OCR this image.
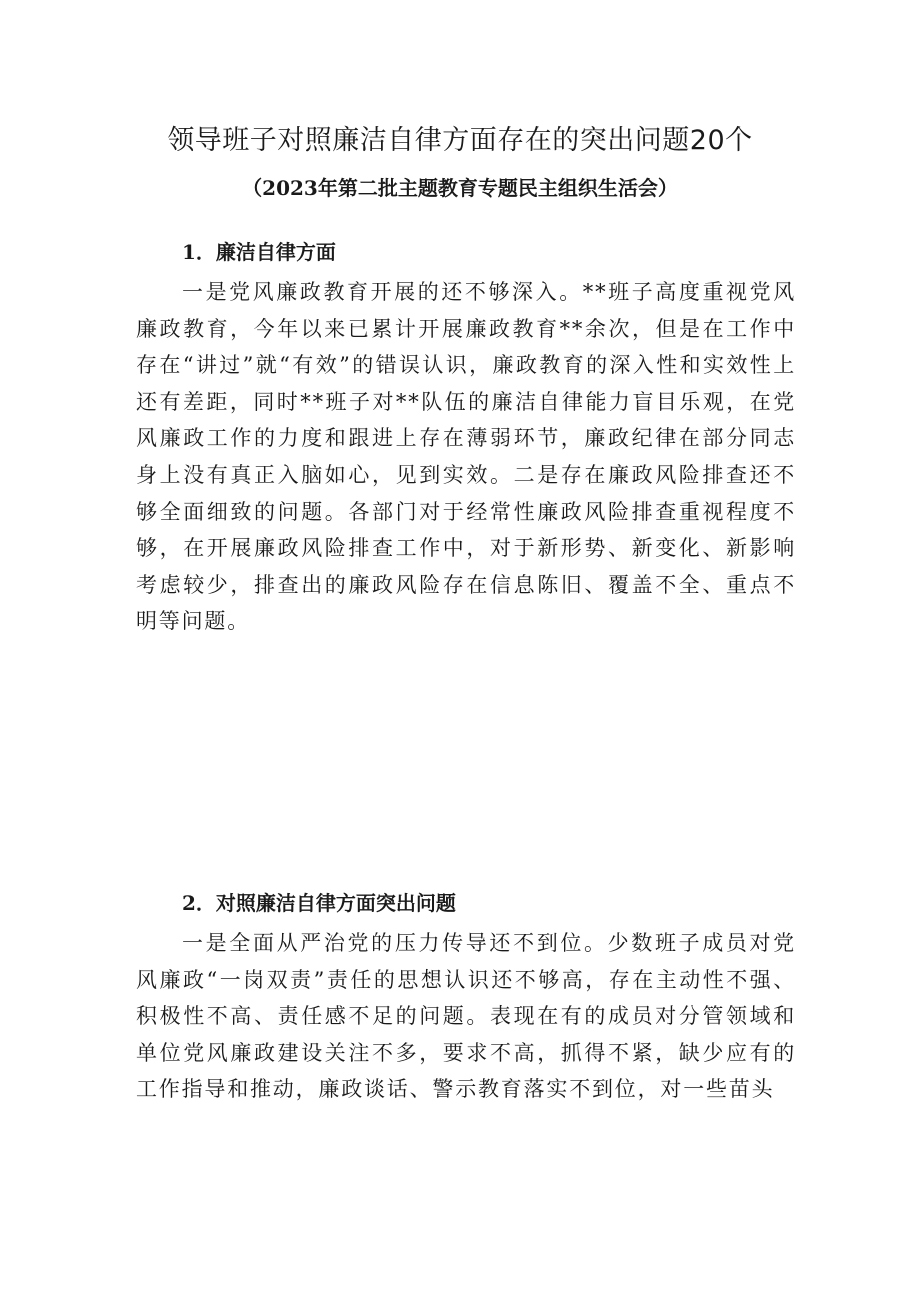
领导班子对照廉洁自律方面存在的突出问题20个
（2023年第二批主题教育专题民主组织生活会）

1．廉洁自律方面

一是党风廉政教育开展的还不够深入。**班子高度重视党风廉政教育，今年以来已累计开展廉政教育**余次，但是在工作中存在“讲过”就“有效”的错误认识，廉政教育的深入性和实效性上还有差距，同时**班子对**队伍的廉洁自律能力盲目乐观，在党风廉政工作的力度和跟进上存在薄弱环节，廉政纪律在部分同志身上没有真正入脑如心，见到实效。二是存在廉政风险排查还不够全面细致的问题。各部门对于经常性廉政风险排查重视程度不够，在开展廉政风险排查工作中，对于新形势、新变化、新影响考虑较少，排查出的廉政风险存在信息陈旧、覆盖不全、重点不明等问题。

2．对照廉洁自律方面突出问题

一是全面从严治党的压力传导还不到位。少数班子成员对党风廉政“一岗双责”责任的思想认识还不够高，存在主动性不强、积极性不高、责任感不足的问题。表现在有的成员对分管领域和单位党风廉政建设关注不多，要求不高，抓得不紧，缺少应有的工作指导和推动，廉政谈话、警示教育落实不到位，对一些苗头
